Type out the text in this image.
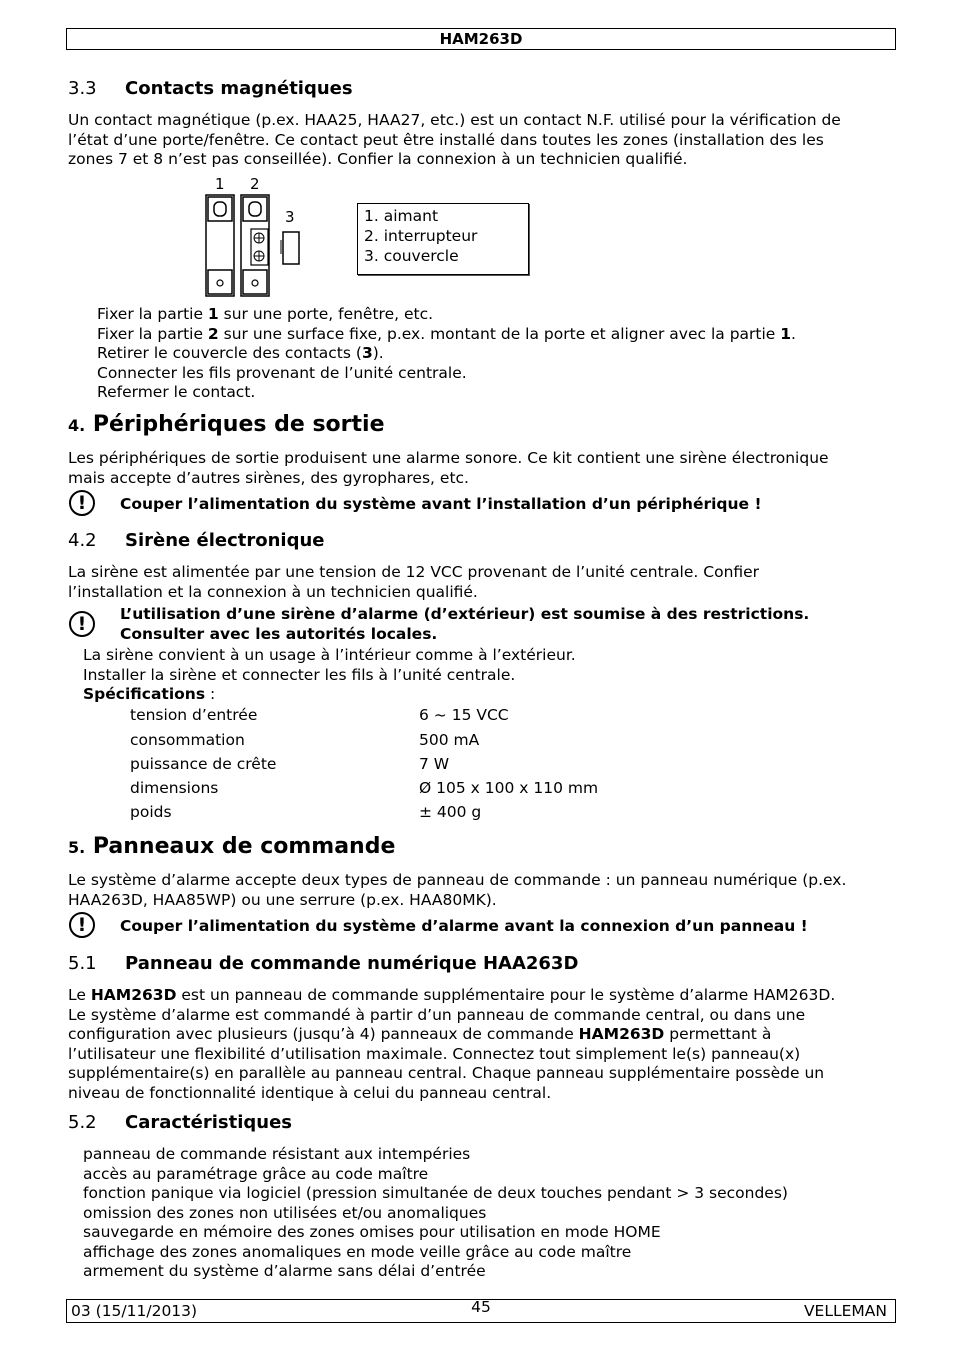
HAM263D
3.3 Contacts magnétiques
Un contact magnétique (p.ex. HAA25, HAA27, etc.) est un contact N.F. utilisé pour la vérification de
l’état d’une porte/fenêtre. Ce contact peut être installé dans toutes les zones (installation des les
zones 7 et 8 n’est pas conseillée). Confier la connexion à un technicien qualifié.
1 2
3	1. aimant
2. interrupteur
3. couvercle
Fixer la partie 1 sur une porte, fenêtre, etc.
Fixer la partie 2 sur une surface fixe, p.ex. montant de la porte et aligner avec la partie 1.
Retirer le couvercle des contacts (3).
Connecter les fils provenant de l’unité centrale.
Refermer le contact.
4. Périphériques de sortie
Les périphériques de sortie produisent une alarme sonore. Ce kit contient une sirène électronique
mais accepte d’autres sirènes, des gyrophares, etc.
!	Couper l’alimentation du système avant l’installation d’un périphérique !
4.2 Sirène électronique
La sirène est alimentée par une tension de 12 VCC provenant de l’unité centrale. Confier
l’installation et la connexion à un technicien qualifié.
!	L’utilisation d’une sirène d’alarme (d’extérieur) est soumise à des restrictions.
Consulter avec les autorités locales.
La sirène convient à un usage à l’intérieur comme à l’extérieur.
Installer la sirène et connecter les fils à l’unité centrale.
Spécifications :
tension d’entrée	6 ~ 15 VCC
consommation	500 mA
puissance de crête	7 W
dimensions	Ø 105 x 100 x 110 mm
poids	± 400 g
5. Panneaux de commande
Le système d’alarme accepte deux types de panneau de commande : un panneau numérique (p.ex.
HAA263D, HAA85WP) ou une serrure (p.ex. HAA80MK).
!	Couper l’alimentation du système d’alarme avant la connexion d’un panneau !
5.1 Panneau de commande numérique HAA263D
Le HAM263D est un panneau de commande supplémentaire pour le système d’alarme HAM263D.
Le système d’alarme est commandé à partir d’un panneau de commande central, ou dans une
configuration avec plusieurs (jusqu’à 4) panneaux de commande HAM263D permettant à
l’utilisateur une flexibilité d’utilisation maximale. Connectez tout simplement le(s) panneau(x)
supplémentaire(s) en parallèle au panneau central. Chaque panneau supplémentaire possède un
niveau de fonctionnalité identique à celui du panneau central.
5.2 Caractéristiques
panneau de commande résistant aux intempéries
accès au paramétrage grâce au code maître
fonction panique via logiciel (pression simultanée de deux touches pendant > 3 secondes)
omission des zones non utilisées et/ou anomaliques
sauvegarde en mémoire des zones omises pour utilisation en mode HOME
affichage des zones anomaliques en mode veille grâce au code maître
armement du système d’alarme sans délai d’entrée
03 (15/11/2013)	45	VELLEMAN
